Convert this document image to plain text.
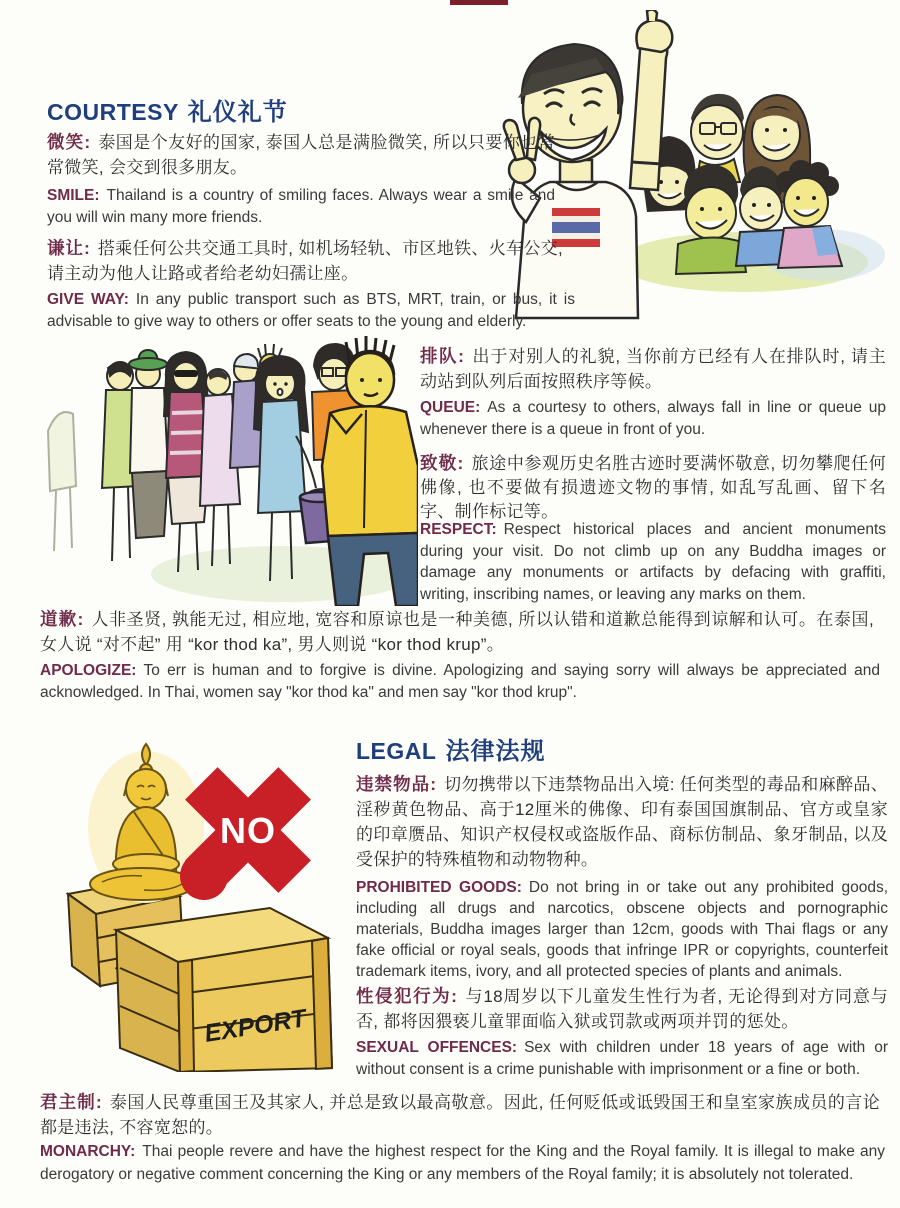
COURTESY 礼仪礼节

微笑: 泰国是个友好的国家, 泰国人总是满脸微笑, 所以只要你也常常微笑, 会交到很多朋友。

SMILE: Thailand is a country of smiling faces. Always wear a smile and you will win many more friends.

谦让: 搭乘任何公共交通工具时, 如机场轻轨、市区地铁、火车公交, 请主动为他人让路或者给老幼妇孺让座。

GIVE WAY: In any public transport such as BTS, MRT, train, or bus, it is advisable to give way to others or offer seats to the young and elderly.

排队: 出于对别人的礼貌, 当你前方已经有人在排队时, 请主动站到队列后面按照秩序等候。

QUEUE: As a courtesy to others, always fall in line or queue up whenever there is a queue in front of you.

致敬: 旅途中参观历史名胜古迹时要满怀敬意, 切勿攀爬任何佛像, 也不要做有损遗迹文物的事情, 如乱写乱画、留下名字、制作标记等。

RESPECT: Respect historical places and ancient monuments during your visit. Do not climb up on any Buddha images or damage any monuments or artifacts by defacing with graffiti, writing, inscribing names, or leaving any marks on them.

道歉: 人非圣贤, 孰能无过, 相应地, 宽容和原谅也是一种美德, 所以认错和道歉总能得到谅解和认可。在泰国, 女人说 “对不起” 用 “kor thod ka”, 男人则说 “kor thod krup”。

APOLOGIZE: To err is human and to forgive is divine. Apologizing and saying sorry will always be appreciated and acknowledged. In Thai, women say "kor thod ka" and men say "kor thod krup".

EXPORT
NO
LEGAL 法律法规

违禁物品: 切勿携带以下违禁物品出入境: 任何类型的毒品和麻醉品、淫秽黄色物品、高于12厘米的佛像、印有泰国国旗制品、官方或皇家的印章赝品、知识产权侵权或盗版作品、商标仿制品、象牙制品, 以及受保护的特殊植物和动物物种。

PROHIBITED GOODS: Do not bring in or take out any prohibited goods, including all drugs and narcotics, obscene objects and pornographic materials, Buddha images larger than 12cm, goods with Thai flags or any fake official or royal seals, goods that infringe IPR or copyrights, counterfeit trademark items, ivory, and all protected species of plants and animals.

性侵犯行为: 与18周岁以下儿童发生性行为者, 无论得到对方同意与否, 都将因猥亵儿童罪面临入狱或罚款或两项并罚的惩处。

SEXUAL OFFENCES: Sex with children under 18 years of age with or without consent is a crime punishable with imprisonment or a fine or both.

君主制: 泰国人民尊重国王及其家人, 并总是致以最高敬意。因此, 任何贬低或诋毁国王和皇室家族成员的言论都是违法, 不容宽恕的。

MONARCHY: Thai people revere and have the highest respect for the King and the Royal family. It is illegal to make any derogatory or negative comment concerning the King or any members of the Royal family; it is absolutely not tolerated.
